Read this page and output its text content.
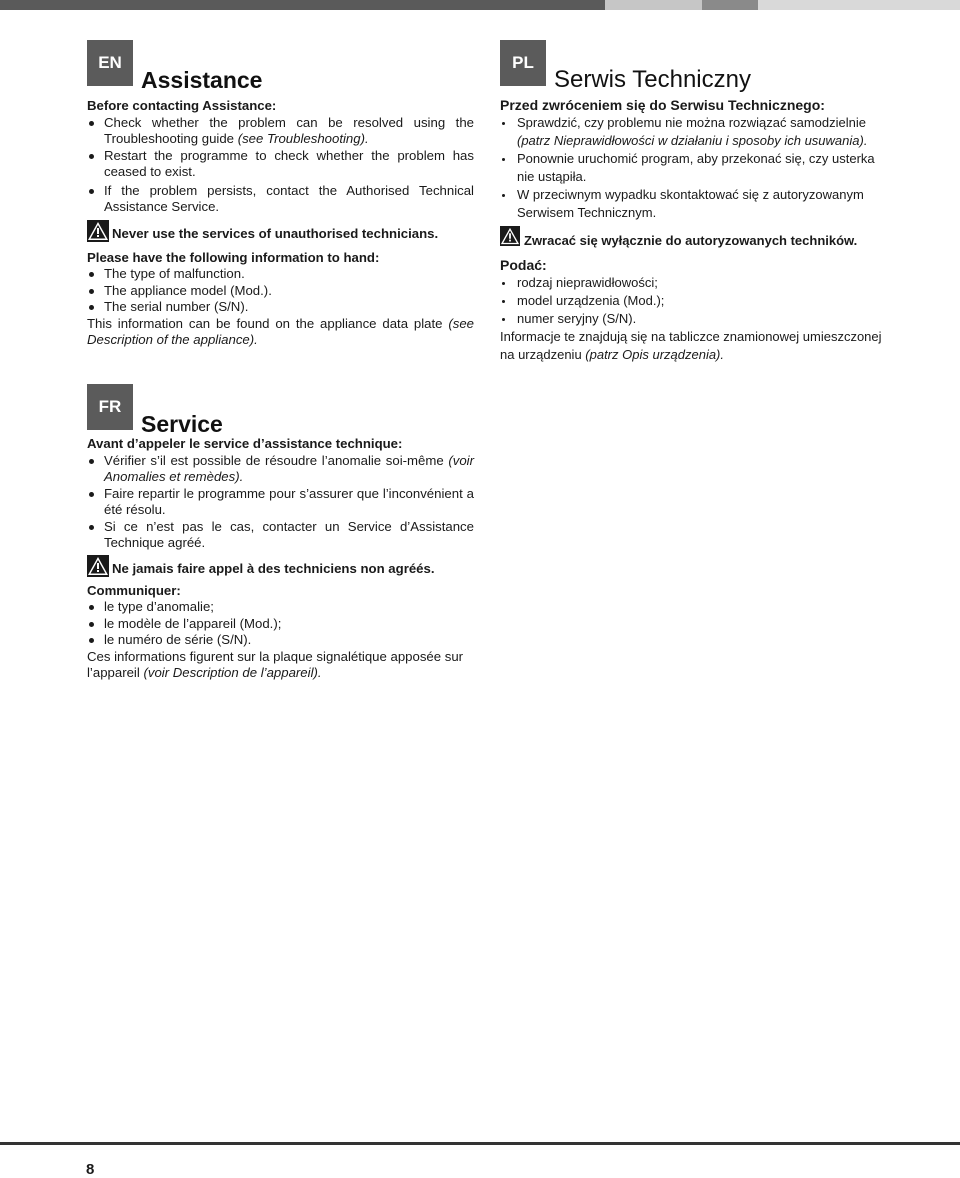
EN
Assistance
Before contacting Assistance:
Check whether the problem can be resolved using the Troubleshooting guide (see Troubleshooting).
Restart the programme to check whether the problem has ceased to exist.
If the problem persists, contact the Authorised Technical Assistance Service.
Never use the services of unauthorised technicians.
Please have the following information to hand:
The type of malfunction.
The appliance model (Mod.).
The serial number (S/N).
This information can be found on the appliance data plate (see Description of the appliance).
FR
Service
Avant d’appeler le service d’assistance technique:
Vérifier s’il est possible de résoudre l’anomalie soi-même (voir Anomalies et remèdes).
Faire repartir le programme pour s’assurer que l’inconvénient a été résolu.
Si ce n’est pas le cas, contacter un Service d’Assistance Technique agréé.
Ne jamais faire appel à des techniciens non agréés.
Communiquer:
le type d’anomalie;
le modèle de l’appareil (Mod.);
le numéro de série (S/N).
Ces informations figurent sur la plaque signalétique apposée sur l’appareil (voir Description de l’appareil).
PL
Serwis Techniczny
Przed zwróceniem się do Serwisu Technicznego:
Sprawdzić, czy problemu nie można rozwiązać samodzielnie (patrz Nieprawidłowości w działaniu i sposoby ich usuwania).
Ponownie uruchomić program, aby przekonać się, czy usterka nie ustąpiła.
W przeciwnym wypadku skontaktować się z autoryzowanym Serwisem Technicznym.
Zwracać się wyłącznie do autoryzowanych techników.
Podać:
rodzaj nieprawidłowości;
model urządzenia (Mod.);
numer seryjny (S/N).
Informacje te znajdują się na tabliczce znamionowej umieszczonej na urządzeniu (patrz Opis urządzenia).
8
